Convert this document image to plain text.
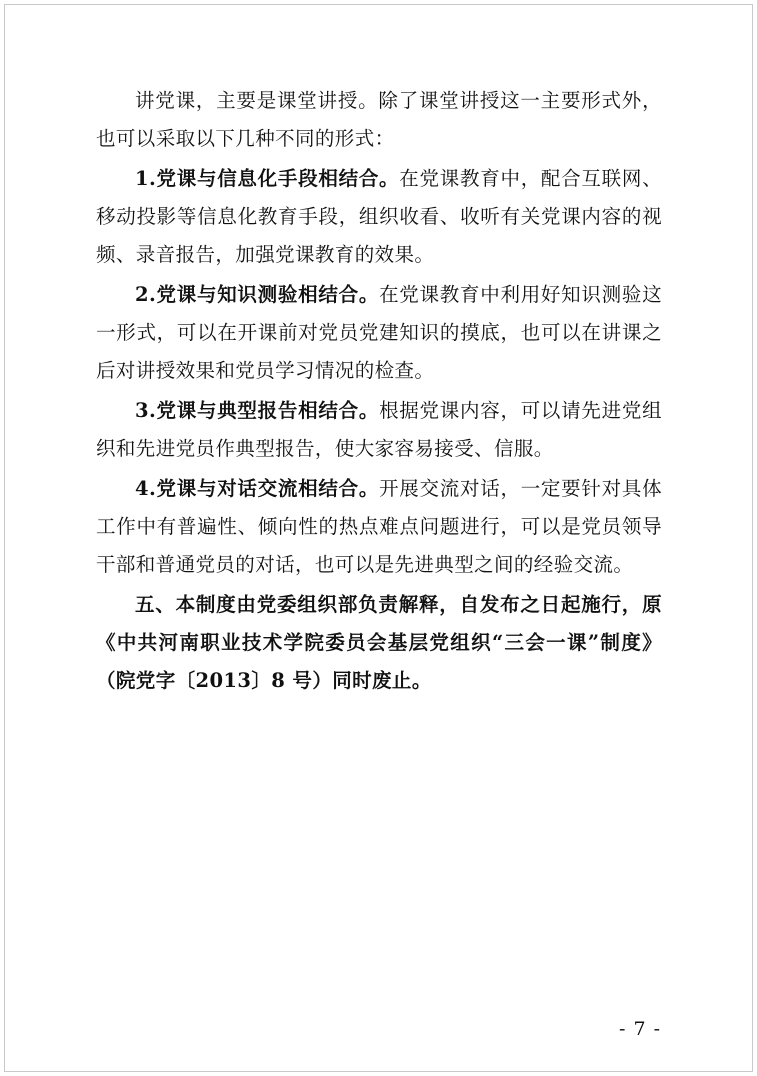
讲党课，主要是课堂讲授。除了课堂讲授这一主要形式外，也可以采取以下几种不同的形式：

1.党课与信息化手段相结合。在党课教育中，配合互联网、移动投影等信息化教育手段，组织收看、收听有关党课内容的视频、录音报告，加强党课教育的效果。

2.党课与知识测验相结合。在党课教育中利用好知识测验这一形式，可以在开课前对党员党建知识的摸底，也可以在讲课之后对讲授效果和党员学习情况的检查。

3.党课与典型报告相结合。根据党课内容，可以请先进党组织和先进党员作典型报告，使大家容易接受、信服。

4.党课与对话交流相结合。开展交流对话，一定要针对具体工作中有普遍性、倾向性的热点难点问题进行，可以是党员领导干部和普通党员的对话，也可以是先进典型之间的经验交流。

五、本制度由党委组织部负责解释，自发布之日起施行，原《中共河南职业技术学院委员会基层党组织“三会一课”制度》（院党字〔2013〕8 号）同时废止。

- 7 -
